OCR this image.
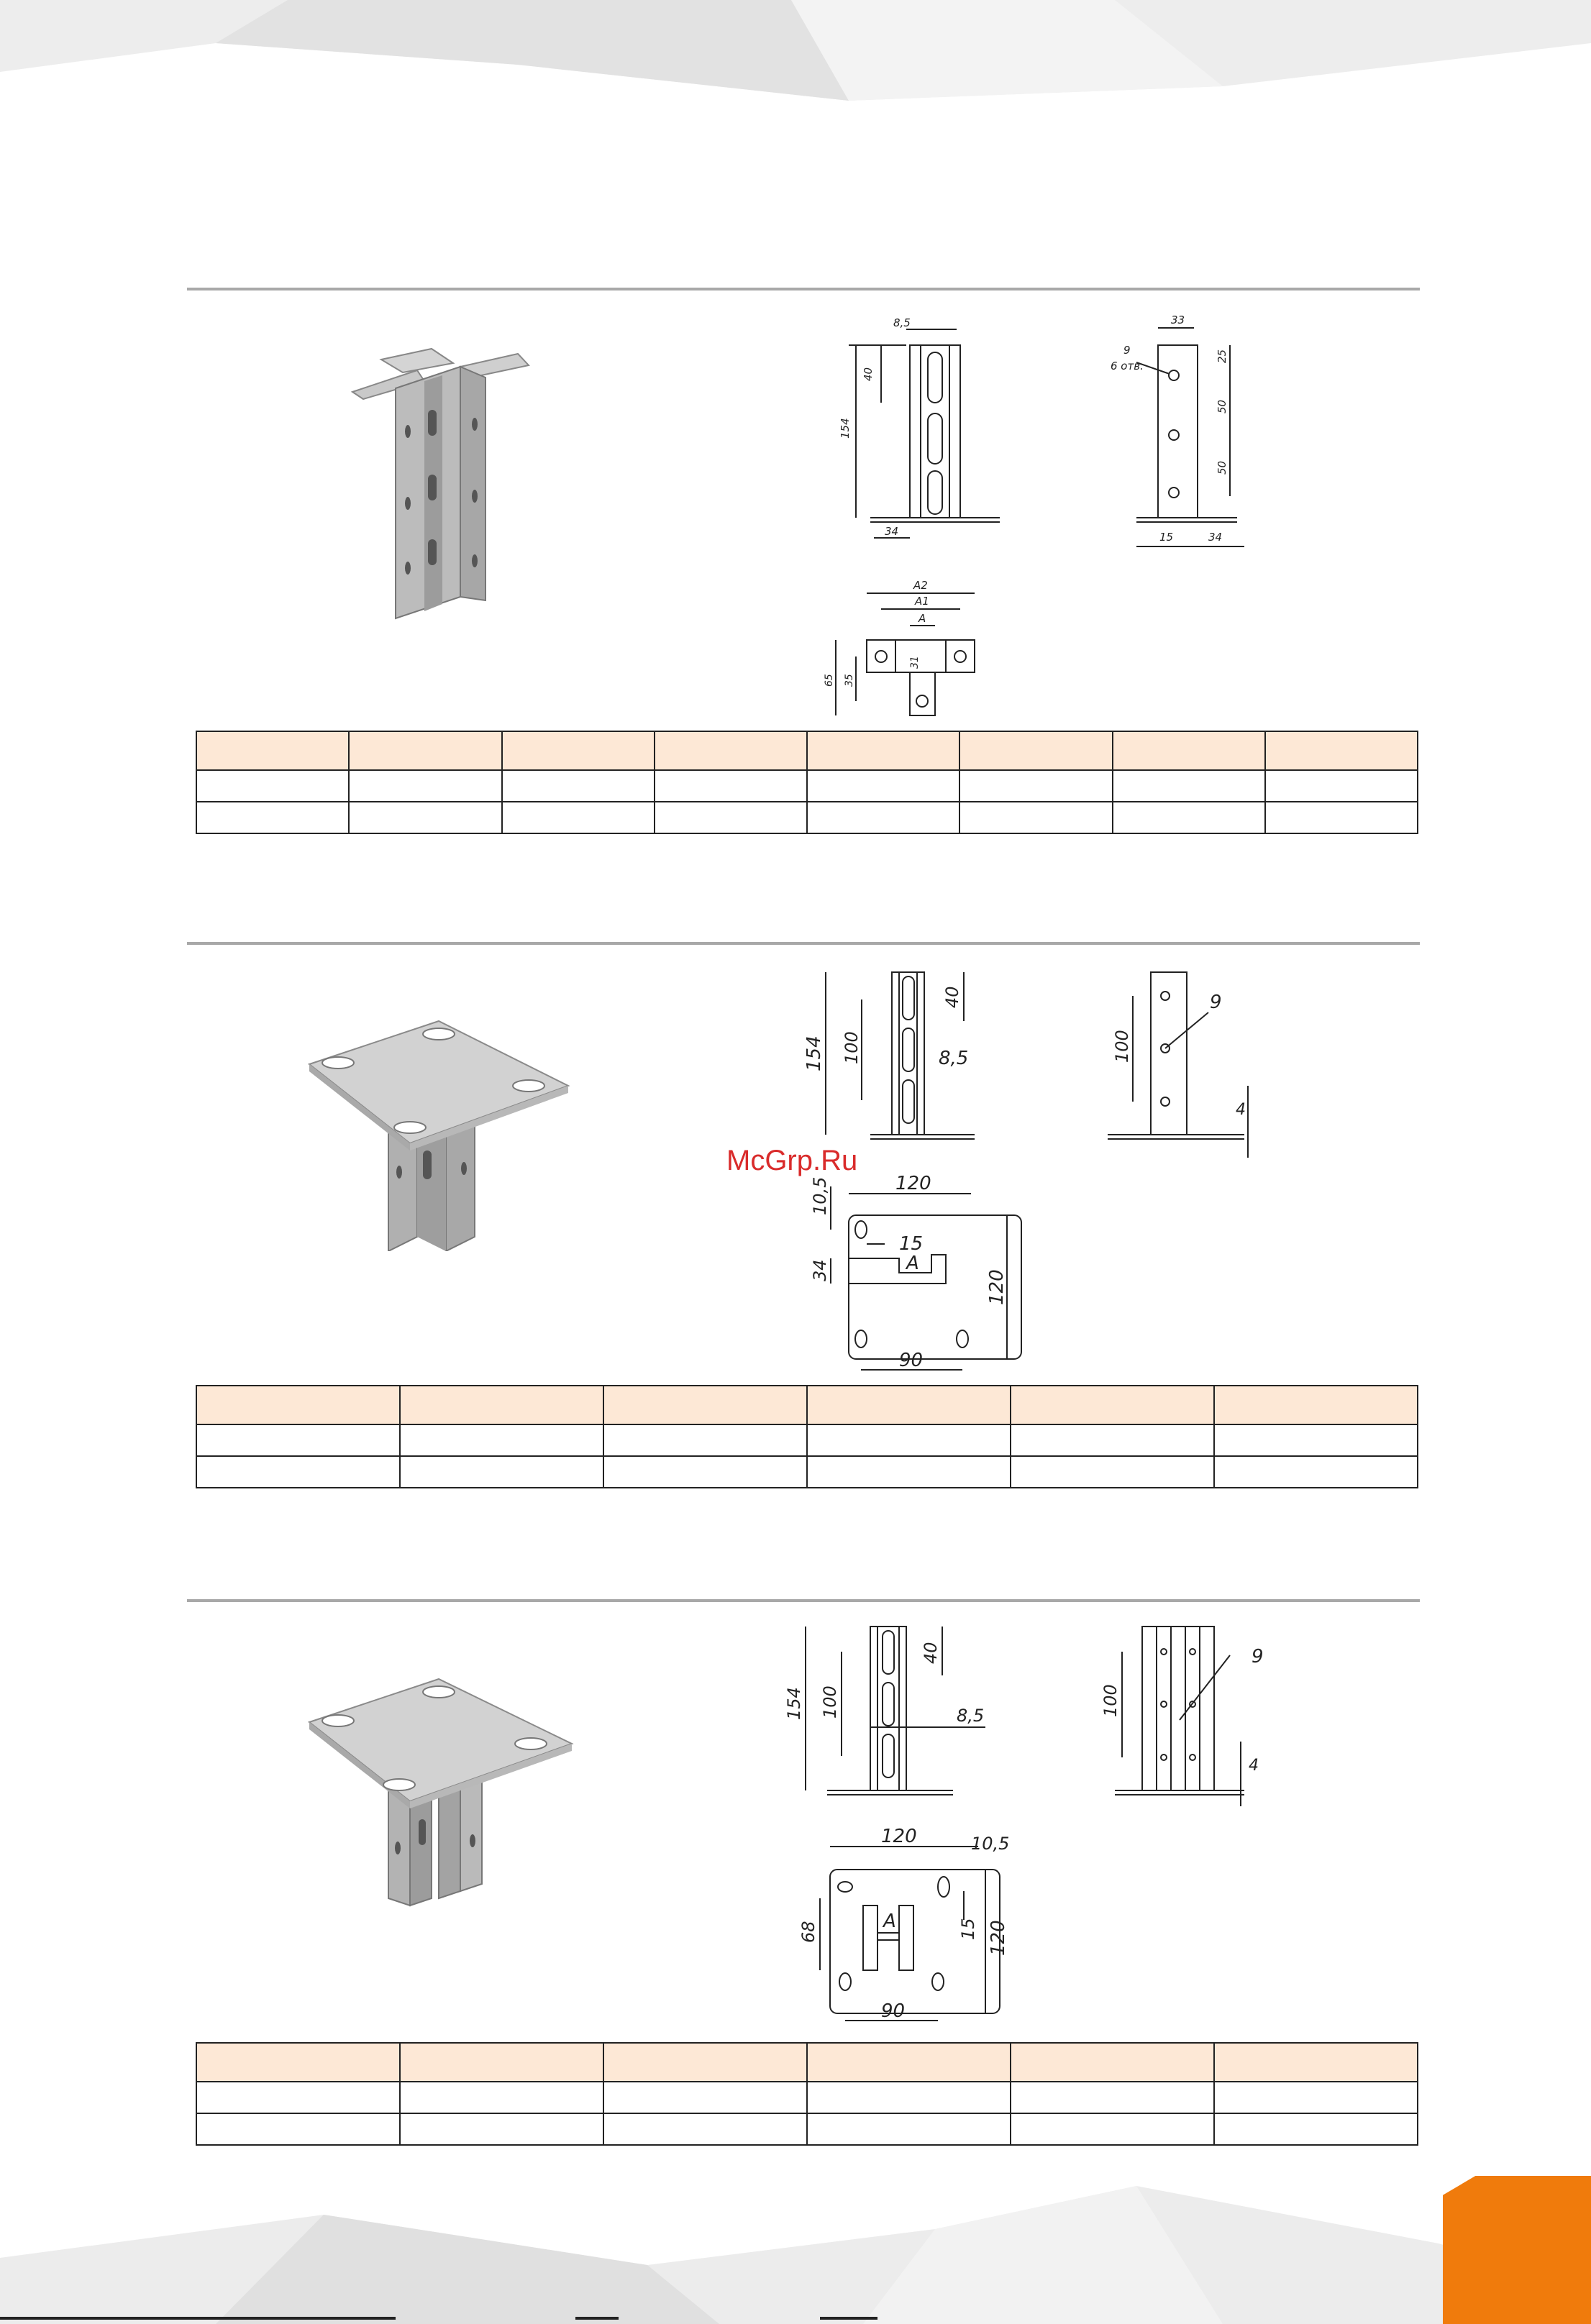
8,5
40
154
34
33
9
6 отв.
25
50
50
15	34
A2
A1
A
31
35
65

154 100
40
8,5
9
100
4
120
10,5
15
34	A
120
90
McGrp.Ru

154 100
40
8,5
9
100
4
120	10,5
68	A	15 120
90
